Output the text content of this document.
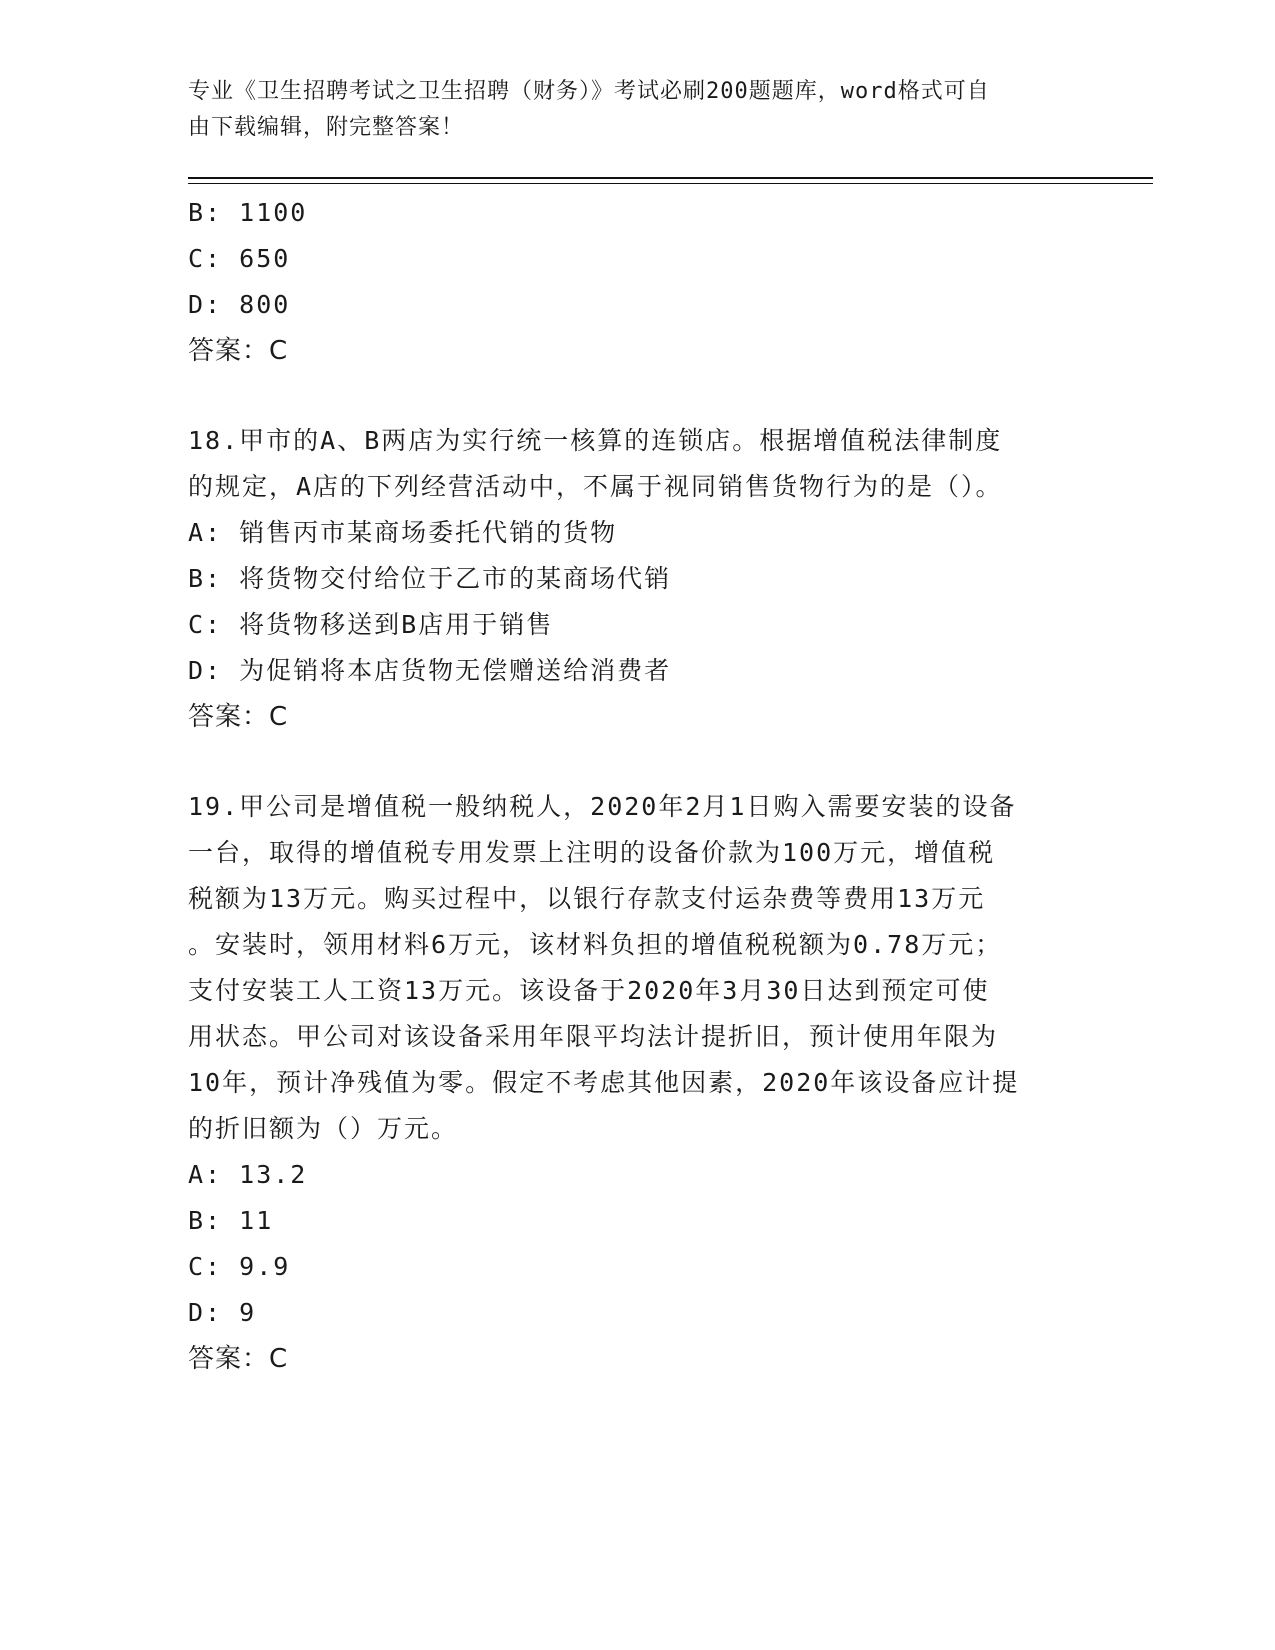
专业《卫生招聘考试之卫生招聘（财务）》考试必刷200题题库，word格式可自
由下载编辑，附完整答案！
B: 1100
C: 650
D: 800
答案：C
18.甲市的A、B两店为实行统一核算的连锁店。根据增值税法律制度
的规定，A店的下列经营活动中，不属于视同销售货物行为的是（）。
A: 销售丙市某商场委托代销的货物
B: 将货物交付给位于乙市的某商场代销
C: 将货物移送到B店用于销售
D: 为促销将本店货物无偿赠送给消费者
答案：C
19.甲公司是增值税一般纳税人，2020年2月1日购入需要安装的设备
一台，取得的增值税专用发票上注明的设备价款为100万元，增值税
税额为13万元。购买过程中，以银行存款支付运杂费等费用13万元
。安装时，领用材料6万元，该材料负担的增值税税额为0.78万元；
支付安装工人工资13万元。该设备于2020年3月30日达到预定可使
用状态。甲公司对该设备采用年限平均法计提折旧，预计使用年限为
10年，预计净残值为零。假定不考虑其他因素，2020年该设备应计提
的折旧额为（）万元。
A: 13.2
B: 11
C: 9.9
D: 9
答案：C
